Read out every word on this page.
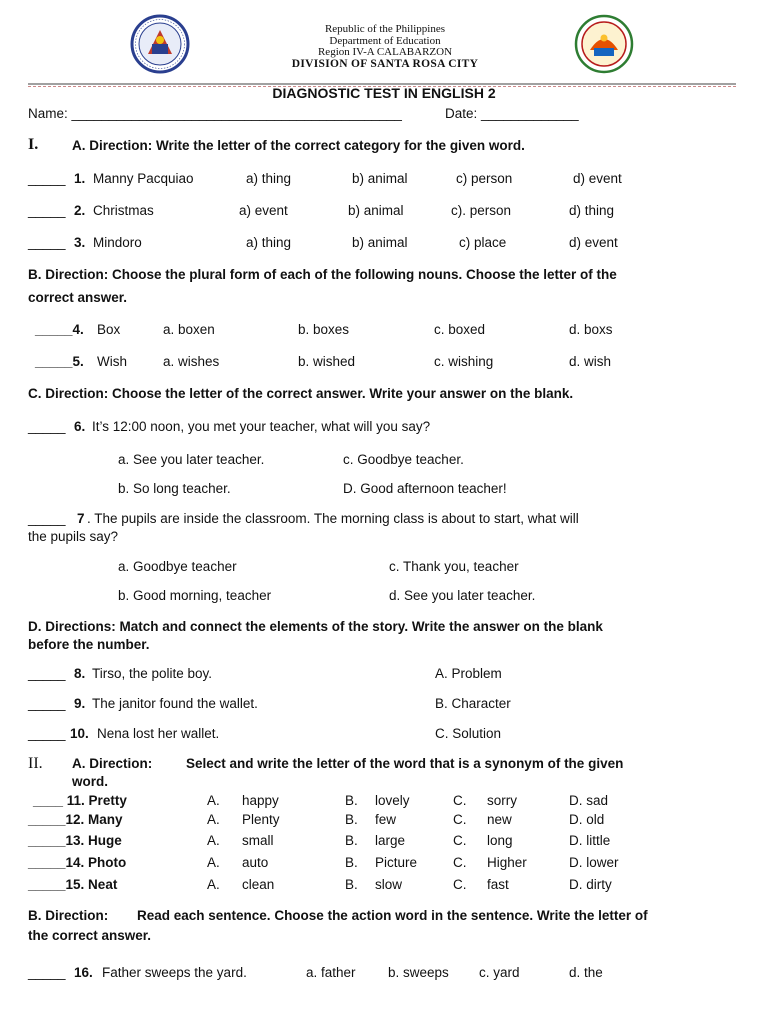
Republic of the Philippines
Department of Education
Region IV-A CALABARZON
DIVISION OF SANTA ROSA CITY
DIAGNOSTIC TEST IN ENGLISH 2
Name: ____________________________________________	Date: _____________
I.	A. Direction: Write the letter of the correct category for the given word.
_____ 1. Manny Pacquiao	a) thing	b) animal	c) person	d) event
_____ 2. Christmas	a) event	b) animal	c). person	d) thing
_____ 3. Mindoro	a) thing	b) animal	c) place	d) event
B. Direction: Choose the plural form of each of the following nouns. Choose the letter of the
correct answer.
_____4. Box	a. boxen	b. boxes	c. boxed	d. boxs
_____5. Wish	a. wishes	b. wished	c. wishing	d. wish
C. Direction: Choose the letter of the correct answer. Write your answer on the blank.
_____ 6. It’s 12:00 noon, you met your teacher, what will you say?
a. See you later teacher.	c. Goodbye teacher.
b. So long teacher.	D. Good afternoon teacher!
_____ 7 . The pupils are inside the classroom. The morning class is about to start, what will
the pupils say?
a. Goodbye teacher	c. Thank you, teacher
b. Good morning, teacher	d. See you later teacher.
D. Directions: Match and connect the elements of the story. Write the answer on the blank
before the number.
_____ 8. Tirso, the polite boy.	A. Problem
_____ 9. The janitor found the wallet.	B. Character
_____ 10. Nena lost her wallet.	C. Solution
II. A. Direction: Select and write the letter of the word that is a synonym of the given
word.
____ 11. Pretty	A. happy	B. lovely	C. sorry	D. sad
_____12. Many	A. Plenty	B. few	C. new	D. old
_____13. Huge	A. small	B. large	C. long	D. little
_____14. Photo	A. auto	B. Picture	C. Higher	D. lower
_____15. Neat	A. clean	B. slow	C. fast	D. dirty
B. Direction: Read each sentence. Choose the action word in the sentence. Write the letter of
the correct answer.
_____ 16. Father sweeps the yard.	a. father b. sweeps c. yard	d. the
